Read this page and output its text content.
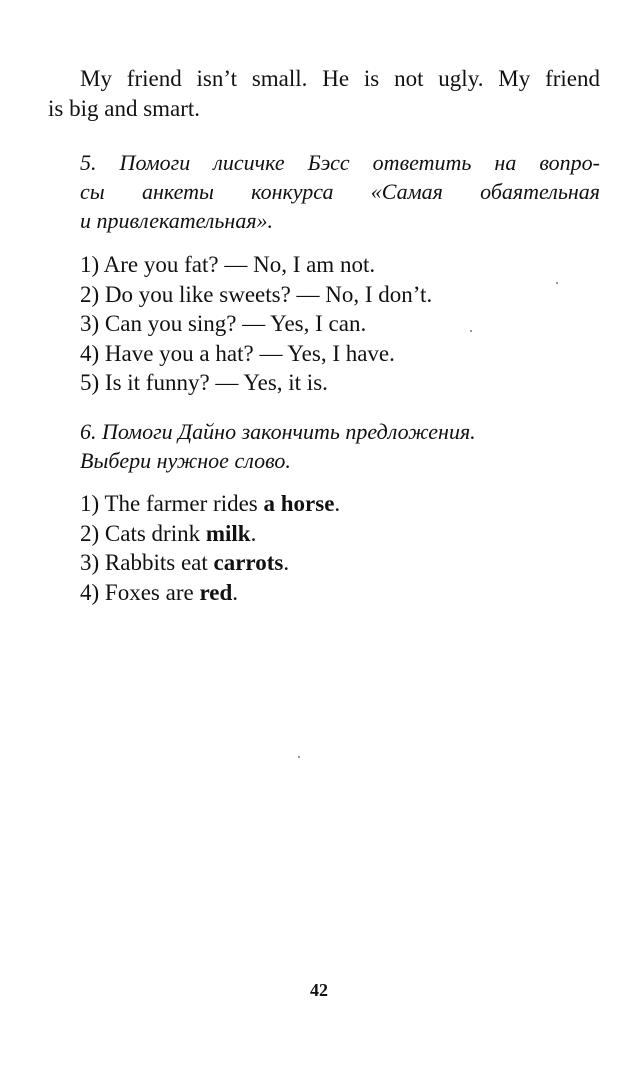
My friend isn’t small. He is not ugly. My friend
is big and smart.

5. Помоги лисичке Бэсс ответить на вопро-
сы анкеты конкурса «Самая обаятельная
и привлекательная».

1) Are you fat? — No, I am not.
2) Do you like sweets? — No, I don’t.
3) Can you sing? — Yes, I can.
4) Have you a hat? — Yes, I have.
5) Is it funny? — Yes, it is.

6. Помоги Дайно закончить предложения.
Выбери нужное слово.

1) The farmer rides a horse.
2) Cats drink milk.
3) Rabbits eat carrots.
4) Foxes are red.
42
